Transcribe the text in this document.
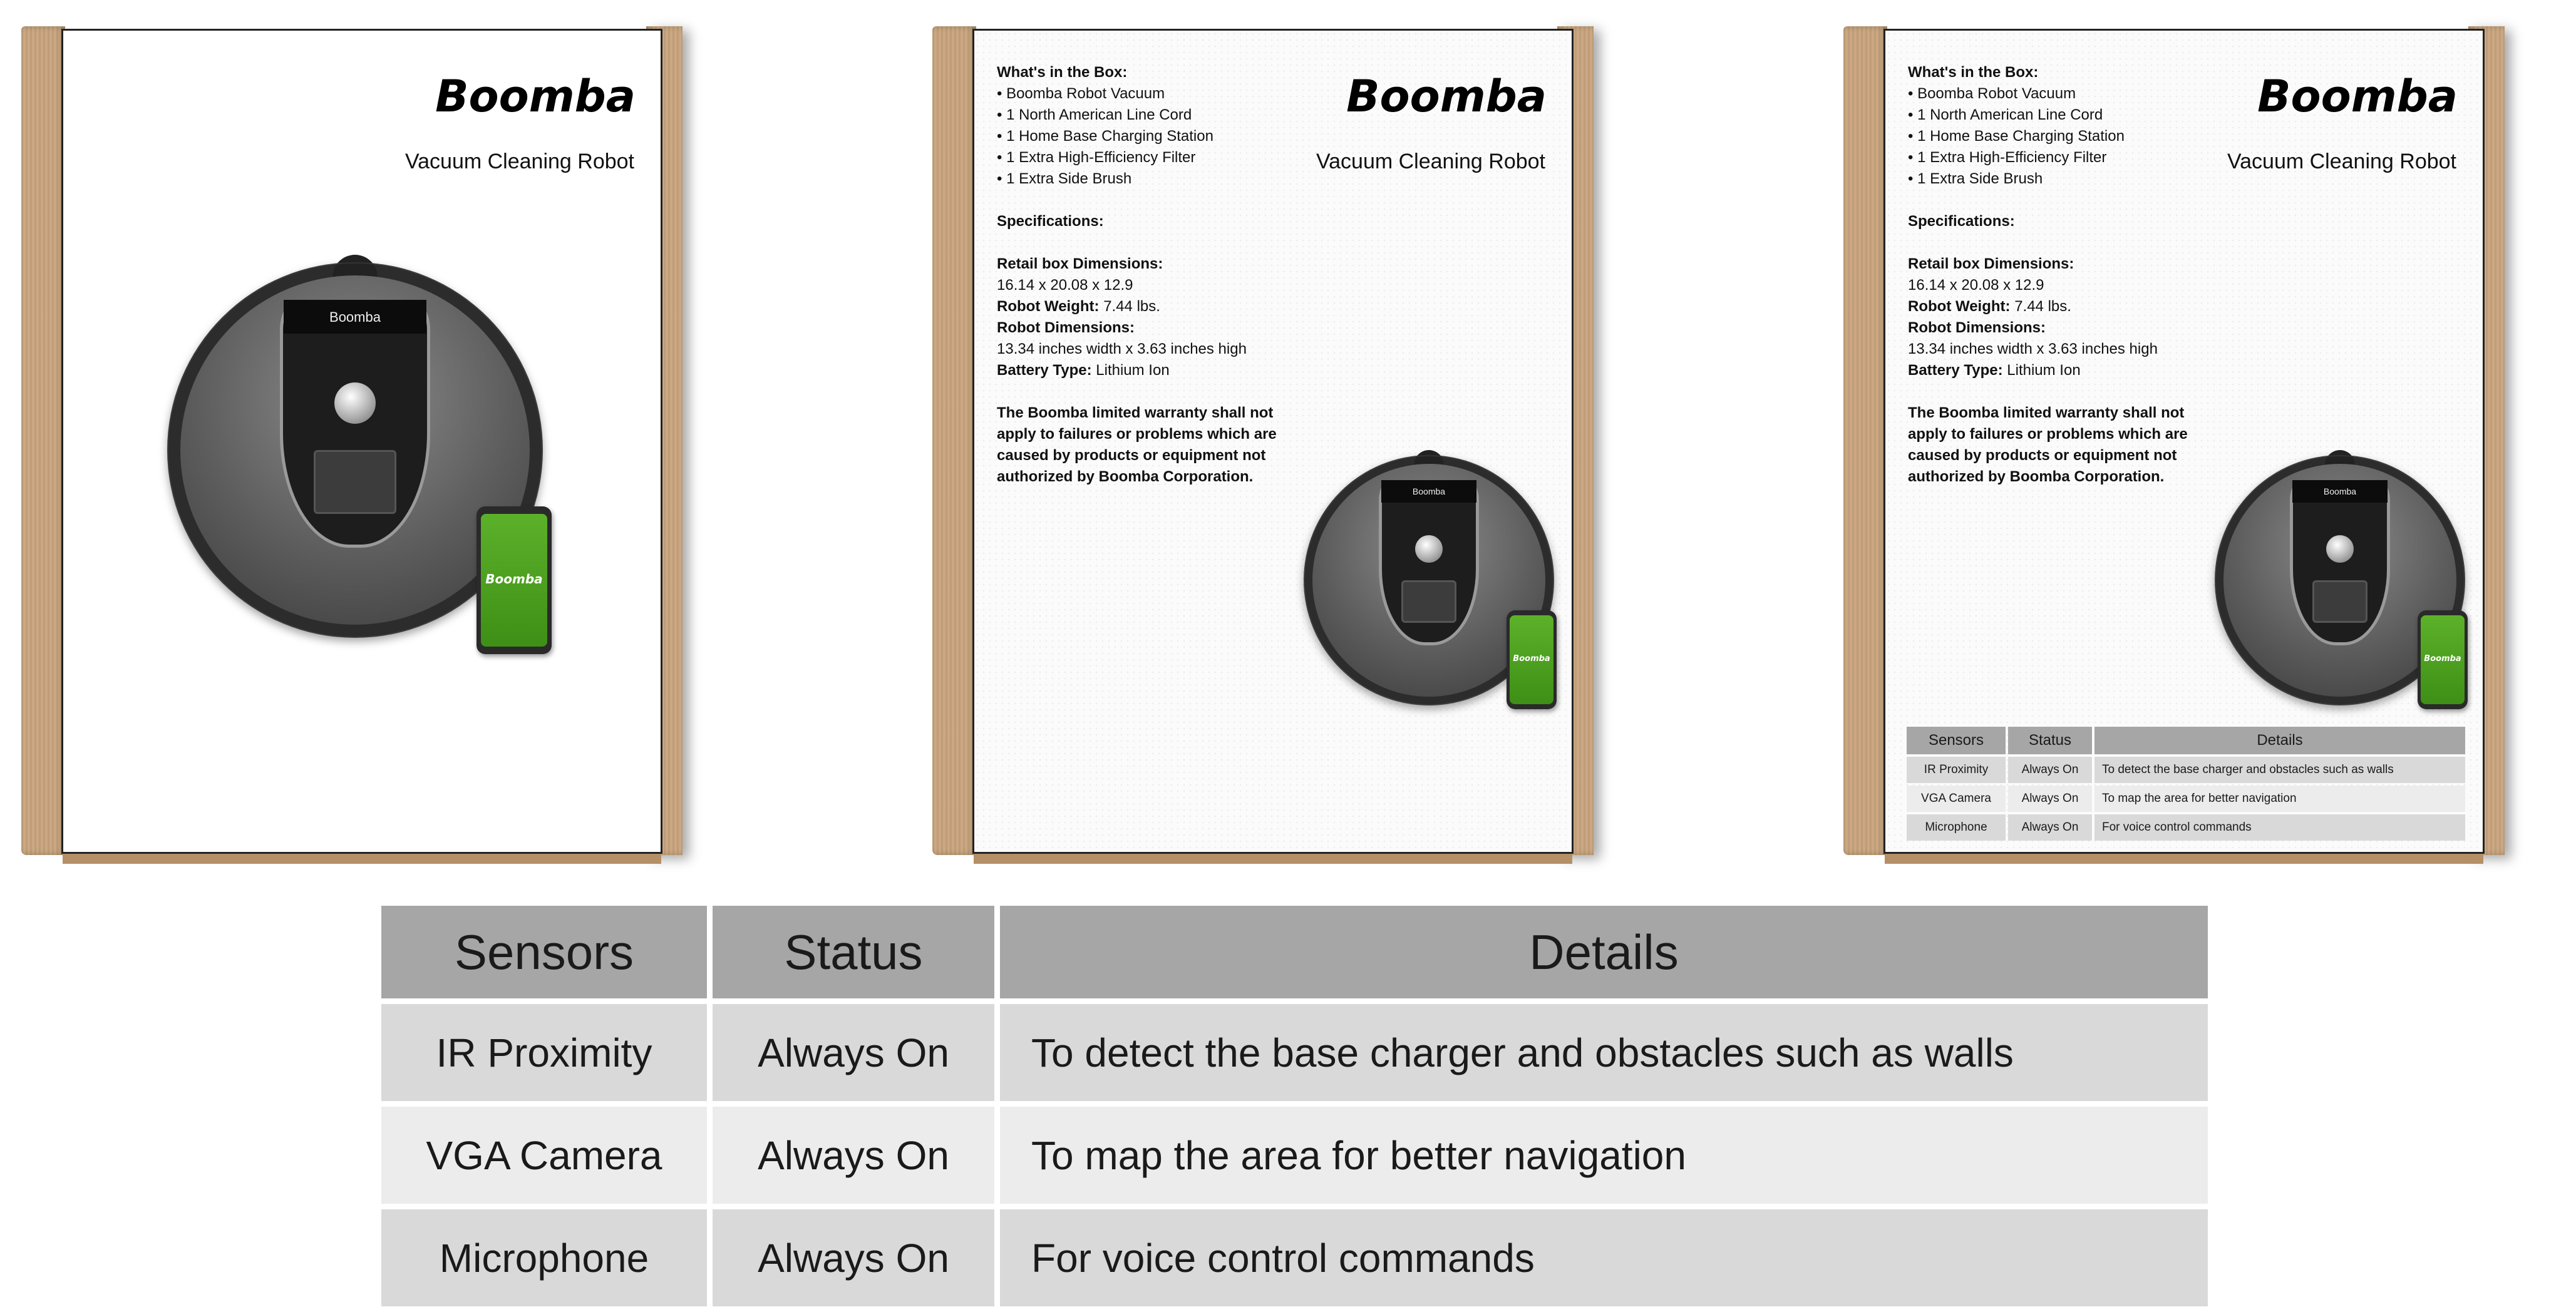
Boomba
Vacuum Cleaning Robot
Boomba
Boomba
Boomba
Vacuum Cleaning Robot
What's in the Box:
• Boomba Robot Vacuum
• 1 North American Line Cord
• 1 Home Base Charging Station
• 1 Extra High-Efficiency Filter
• 1 Extra Side Brush
Specifications:
Retail box Dimensions:
16.14 x 20.08 x 12.9
Robot Weight: 7.44 lbs.
Robot Dimensions:
13.34 inches width x 3.63 inches high
Battery Type: Lithium Ion
The Boomba limited warranty shall not apply to failures or problems which are caused by products or equipment not authorized by Boomba Corporation.
Boomba
Boomba
Boomba
Vacuum Cleaning Robot
What's in the Box:
• Boomba Robot Vacuum
• 1 North American Line Cord
• 1 Home Base Charging Station
• 1 Extra High-Efficiency Filter
• 1 Extra Side Brush
Specifications:
Retail box Dimensions:
16.14 x 20.08 x 12.9
Robot Weight: 7.44 lbs.
Robot Dimensions:
13.34 inches width x 3.63 inches high
Battery Type: Lithium Ion
The Boomba limited warranty shall not apply to failures or problems which are caused by products or equipment not authorized by Boomba Corporation.
Boomba
Boomba
Sensors	Status	Details
IR Proximity	Always On	To detect the base charger and obstacles such as walls
VGA Camera	Always On	To map the area for better navigation
Microphone	Always On	For voice control commands
Sensors	Status	Details
IR Proximity	Always On	To detect the base charger and obstacles such as walls
VGA Camera	Always On	To map the area for better navigation
Microphone	Always On	For voice control commands
